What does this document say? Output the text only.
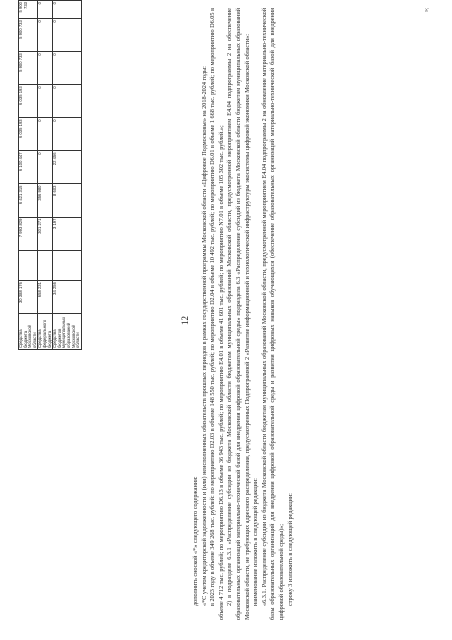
Средства бюджета Московской области	30 388 176		7 993 829	6 421 315	6 100 447	6 035 193	6 035 193	5 900 733	5 900 733	5 900 733
Средства федерального бюджета	658 231		301 271	356 980	0	0	0	0	0	0
Средства бюджетов муниципальных образований Московской области	34 256		3 197	8 603	22 456	0	0	0	0	0
»;
12

дополнить сноской «*» следующего содержания: «*С учетом кредиторской задолженности и (или) неисполненных обязательств прошлых периодов в рамках государственной программы Московской области «Цифровое Подмосковье» на 2018-2024 годы: в 2023 году в объеме 349 268 тыс. рублей: по мероприятию D2.03 в объеме 148 550 тыс. рублей; по мероприятию D2.04 в объеме 10 492 тыс. рублей; по мероприятию D6.01 в объеме 1 668 тыс. рублей; по мероприятию D6.05 в объеме 4 712 тыс. рублей; по мероприятию D6.13 в объеме 36 943 тыс. рублей; по мероприятию E4.01 в объеме 41 601 тыс. рублей; по мероприятию N7.01 в объеме 105 302 тыс. рублей.»; 2) в подразделе 6.3.1 «Распределение субсидии из бюджета Московской области бюджетам муниципальных образований Московской области, предусмотренной мероприятием E4.04 подпрограммы 2 на обеспечение образовательных организаций материально-технической базой для внедрения цифровой образовательной среды» подраздела 6.3 «Распределение субсидий из бюджета Московской области бюджетам муниципальных образований Московской области, не требующих адресного распределения, предусмотренных Подпрограммой 2 «Развитие информационной и технологической инфраструктуры экосистемы цифровой экономики Московской области»: наименование изложить в следующей редакции: «6.3.1. Распределение субсидии из бюджета Московской области бюджетам муниципальных образований Московской области, предусмотренной мероприятием E4.04 подпрограммы 2 на обновление материально-технической базы образовательных организаций для внедрения цифровой образовательной среды и развития цифровых навыков обучающихся (обеспечение образовательных организаций материально-технической базой для внедрения цифровой образовательной среды)»; строку 3 изложить в следующей редакции:
